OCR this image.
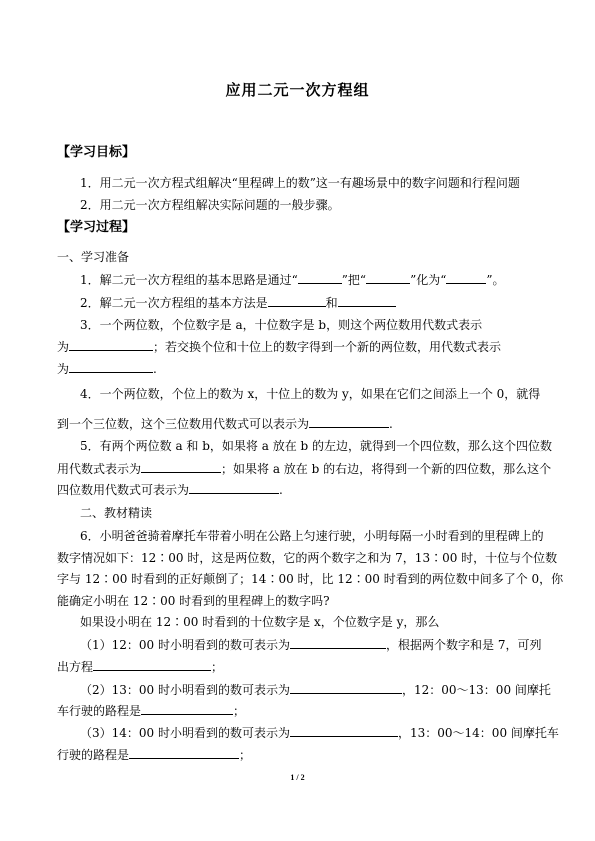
应用二元一次方程组
【学习目标】
1．用二元一次方程式组解决“里程碑上的数”这一有趣场景中的数字问题和行程问题
2．用二元一次方程组解决实际问题的一般步骤。
【学习过程】
一、学习准备
1．解二元一次方程组的基本思路是通过“	”把“	”化为“	”。
2．解二元一次方程组的基本方法是	和
3．一个两位数，个位数字是 a，十位数字是 b，则这个两位数用代数式表示
为	；若交换个位和十位上的数字得到一个新的两位数，用代数式表示
为	.
4．一个两位数，个位上的数为 x，十位上的数为 y，如果在它们之间添上一个 0，就得
到一个三位数，这个三位数用代数式可以表示为	.
5．有两个两位数 a 和 b，如果将 a 放在 b 的左边，就得到一个四位数，那么这个四位数
用代数式表示为	；如果将 a 放在 b 的右边，将得到一个新的四位数，那么这个
四位数用代数式可表示为	.
二、教材精读
6．小明爸爸骑着摩托车带着小明在公路上匀速行驶，小明每隔一小时看到的里程碑上的
数字情况如下：12∶00 时，这是两位数，它的两个数字之和为 7，13∶00 时，十位与个位数
字与 12∶00 时看到的正好颠倒了；14∶00 时，比 12∶00 时看到的两位数中间多了个 0，你
能确定小明在 12∶00 时看到的里程碑上的数字吗?
如果设小明在 12∶00 时看到的十位数字是 x，个位数字是 y，那么
（1）12：00 时小明看到的数可表示为	，根据两个数字和是 7，可列
出方程	；
（2）13：00 时小明看到的数可表示为	，12：00～13：00 间摩托
车行驶的路程是	；
（3）14：00 时小明看到的数可表示为	，13：00～14：00 间摩托车
行驶的路程是	；
1 / 2
